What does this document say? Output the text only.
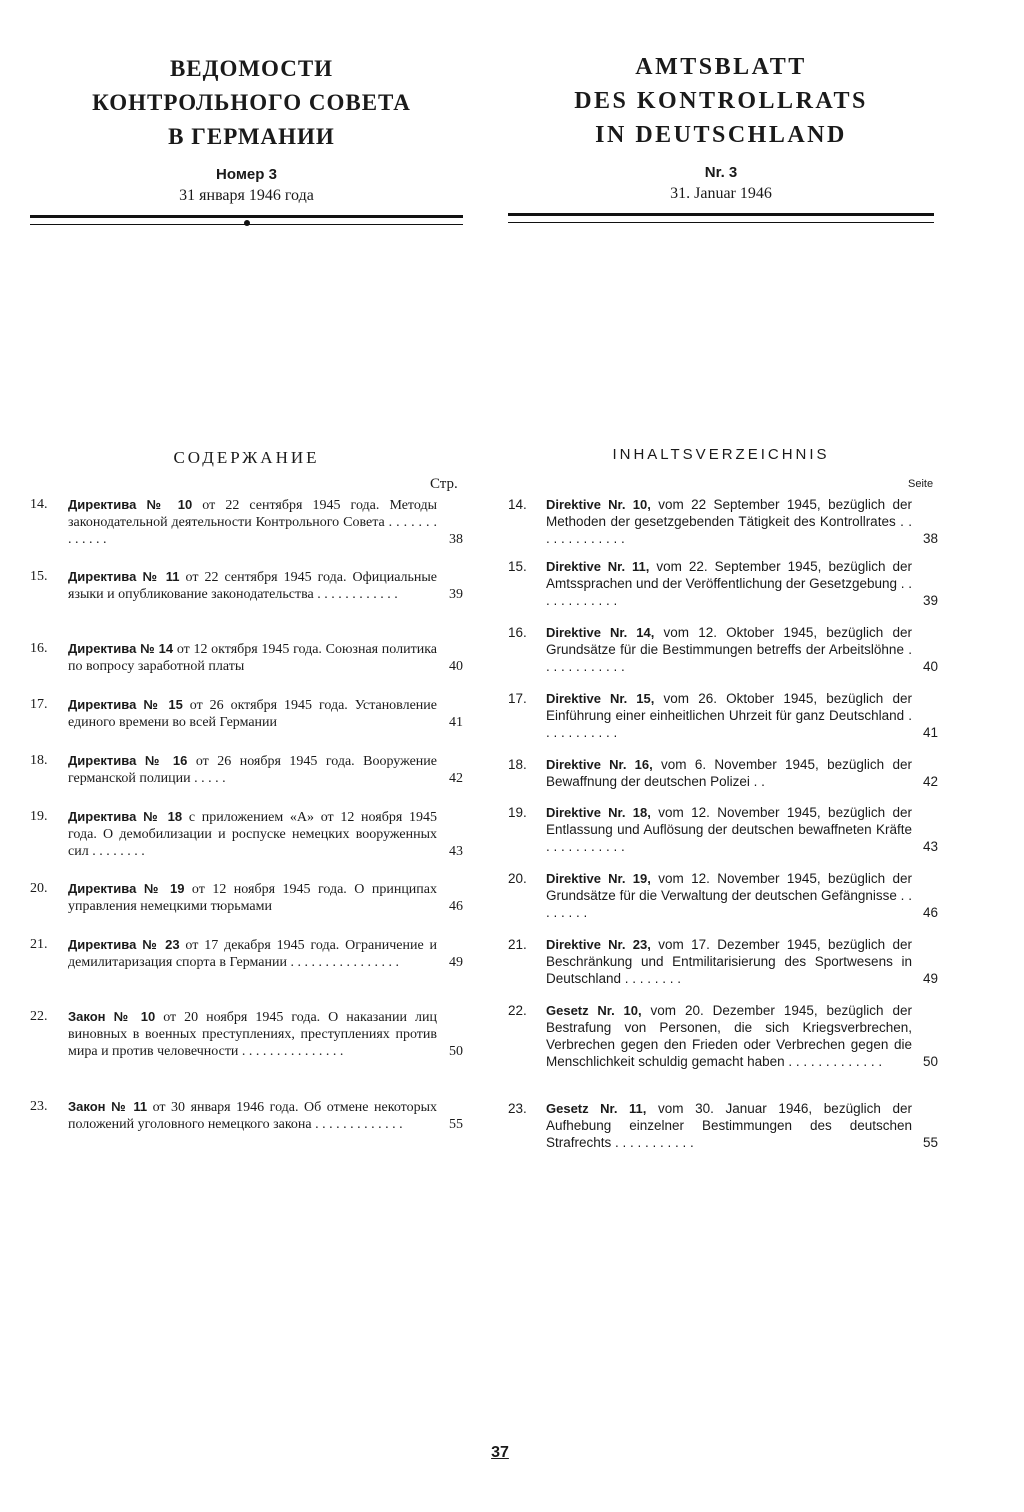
ВЕДОМОСТИ
КОНТРОЛЬНОГО СОВЕТА
В ГЕРМАНИИ
Номер 3
31 января 1946 года
AMTSBLATT
DES KONTROLLRATS
IN DEUTSCHLAND
Nr. 3
31. Januar 1946
СОДЕРЖАНИЕ
Стр.
INHALTSVERZEICHNIS
Seite
14.	Директива № 10 от 22 сентября 1945 года. Методы законодательной деятельности Контрольного Совета . . . . . . . . . . . . .	38
15.	Директива № 11 от 22 сентября 1945 года. Официальные языки и опубликование законодательства . . . . . . . . . . . .	39
16.	Директива № 14 от 12 октября 1945 года. Союзная политика по вопросу заработной платы	40
17.	Директива № 15 от 26 октября 1945 года. Установление единого времени во всей Германии	41
18.	Директива № 16 от 26 ноября 1945 года. Вооружение германской полиции . . . . .	42
19.	Директива № 18 с приложением «А» от 12 ноября 1945 года. О демобилизации и роспуске немецких вооруженных сил . . . . . . . .	43
20.	Директива № 19 от 12 ноября 1945 года. О принципах управления немецкими тюрьмами	46
21.	Директива № 23 от 17 декабря 1945 года. Ограничение и демилитаризация спорта в Германии . . . . . . . . . . . . . . . .	49
22.	Закон № 10 от 20 ноября 1945 года. О наказании лиц виновных в военных преступлениях, преступлениях против мира и против человечности . . . . . . . . . . . . . . .	50
23.	Закон № 11 от 30 января 1946 года. Об отмене некоторых положений уголовного немецкого закона . . . . . . . . . . . . .	55
14.	Direktive Nr. 10, vom 22 September 1945, bezüglich der Methoden der gesetzgebenden Tätigkeit des Kontrollrates . . . . . . . . . . . . .	38
15.	Direktive Nr. 11, vom 22. September 1945, bezüglich der Amtssprachen und der Veröffentlichung der Gesetzgebung . . . . . . . . . . . .	39
16.	Direktive Nr. 14, vom 12. Oktober 1945, bezüglich der Grundsätze für die Bestimmungen betreffs der Arbeitslöhne . . . . . . . . . . . .	40
17.	Direktive Nr. 15, vom 26. Oktober 1945, bezüglich der Einführung einer einheitlichen Uhrzeit für ganz Deutschland . . . . . . . . . . .	41
18.	Direktive Nr. 16, vom 6. November 1945, bezüglich der Bewaffnung der deutschen Polizei . .	42
19.	Direktive Nr. 18, vom 12. November 1945, bezüglich der Entlassung und Auflösung der deutschen bewaffneten Kräfte . . . . . . . . . . .	43
20.	Direktive Nr. 19, vom 12. November 1945, bezüglich der Grundsätze für die Verwaltung der deutschen Gefängnisse . . . . . . . .	46
21.	Direktive Nr. 23, vom 17. Dezember 1945, bezüglich der Beschränkung und Entmilitarisierung des Sportwesens in Deutschland . . . . . . . .	49
22.	Gesetz Nr. 10, vom 20. Dezember 1945, bezüglich der Bestrafung von Personen, die sich Kriegsverbrechen, Verbrechen gegen den Frieden oder Verbrechen gegen die Menschlichkeit schuldig gemacht haben . . . . . . . . . . . . .	50
23.	Gesetz Nr. 11, vom 30. Januar 1946, bezüglich der Aufhebung einzelner Bestimmungen des deutschen Strafrechts . . . . . . . . . . .	55
37
